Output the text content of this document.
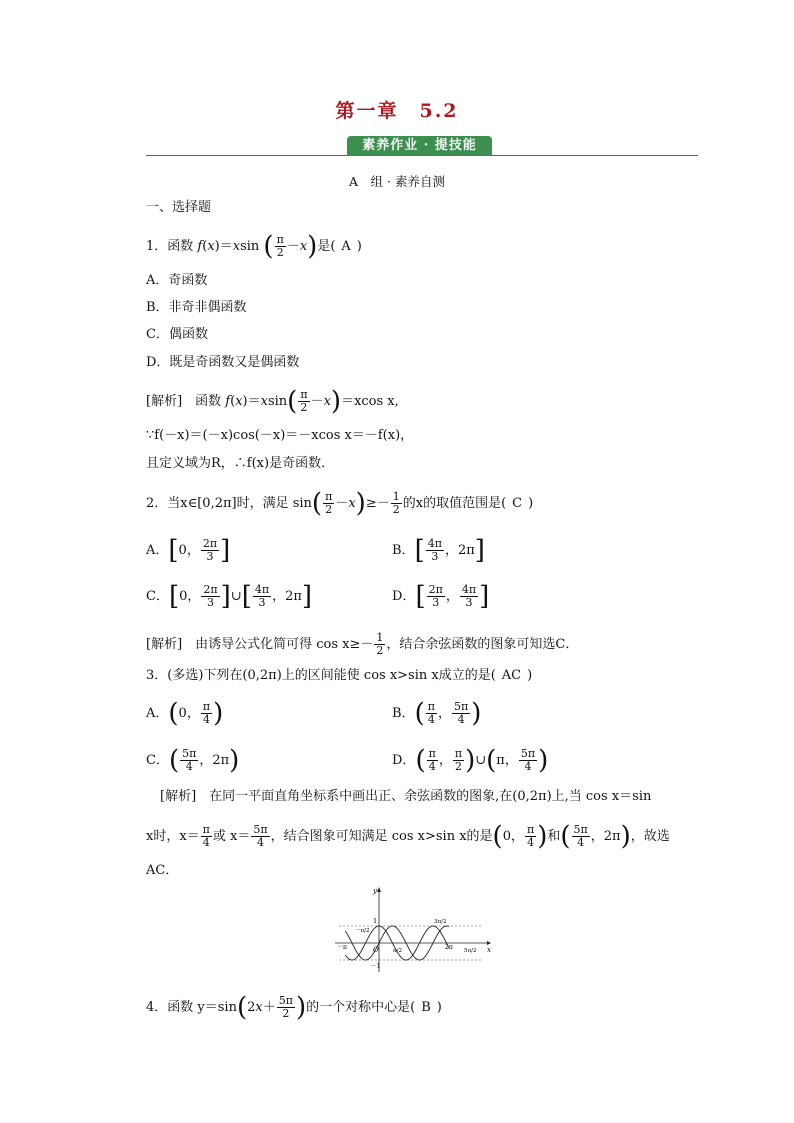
第一章　5.2
素养作业 · 提技能
A　组 · 素养自测
一、选择题
1．函数 f(x)＝xsin ( $\frac{\pi}{2} -x$)是( A )
A．奇函数
B．非奇非偶函数
C．偶函数
D．既是奇函数又是偶函数
[解析]　函数 $f(x)=xsin( \frac{\pi}{2} -x)=xcos$ x,
∵f(－x)＝(－x)cos(－x)＝－xcos x＝－f(x)，
且定义域为R，∴f(x)是奇函数．
2．当x∈[0,2π]时，满足 $\sin( \frac{\pi}{2} -x)\ge- \frac{1}{2}$ 的x的取值范围是( C )
A．[0， $\frac{2\pi}{3}$ ]	B．[ $\frac{4\pi}{3}$ ，2π]
C．[0， $\frac{2\pi}{3}$ ]∪[ $\frac{4\pi}{3}$ ，2π]	D．[ $\frac{2\pi}{3}$ ， $\frac{4\pi}{3}$ ]
[解析]　由诱导公式化简可得 $\cos x\ge- \frac{1}{2}$ ，结合余弦函数的图象可知选C．
3．(多选)下列在(0,2π)上的区间能使 cos x>sin x成立的是( AC )
A．(0， $\frac{\pi}{4}$ )	B．( $\frac{\pi}{4}$ ， $\frac{5\pi}{4}$ )
C．( $\frac{5\pi}{4}$ ，2π)	D．( $\frac{\pi}{4}$ ， $\frac{\pi}{2}$ )∪(π， $\frac{5\pi}{4}$ )
[解析]　在同一平面直角坐标系中画出正、余弦函数的图象,在(0,2π)上,当 cos x＝sin
x时，$x= \frac{\pi}{4}$ 或 $x= \frac{5\pi}{4}$ ，结合图象可知满足 cos x>sin x的是(0， $\frac{\pi}{4}$ )和( $\frac{5\pi}{4}$ ，2π)，故选
AC．
y
x
1
－1
O
－π
－π/2
π/2	2π
3π/2
5π/2
4．函数 $y=\sin(2x+ \frac{5\pi}{2}$ )的一个对称中心是( B )
